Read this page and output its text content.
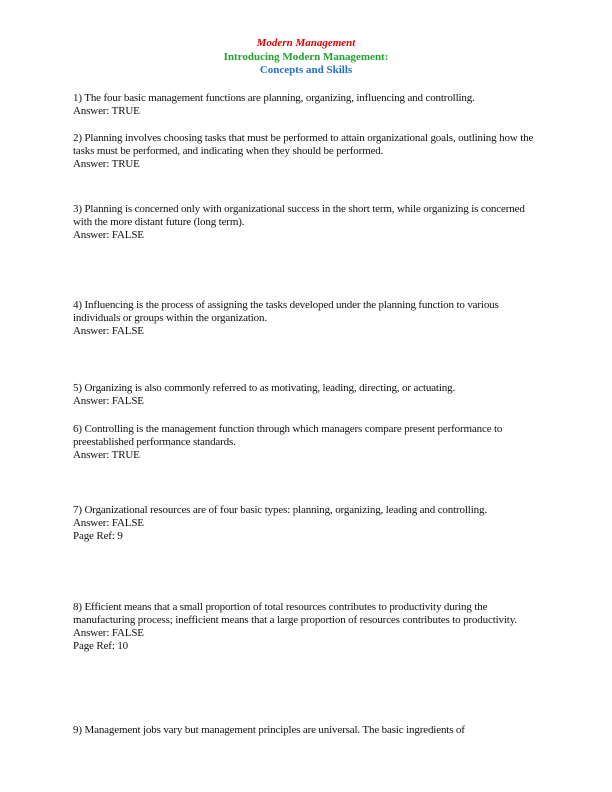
Modern Management
Introducing Modern Management:
Concepts and Skills

1) The four basic management functions are planning, organizing, influencing and controlling.

Answer: TRUE

2) Planning involves choosing tasks that must be performed to attain organizational goals, outlining how the tasks must be performed, and indicating when they should be performed.

Answer: TRUE

3) Planning is concerned only with organizational success in the short term, while organizing is concerned with the more distant future (long term).

Answer: FALSE

4) Influencing is the process of assigning the tasks developed under the planning function to various individuals or groups within the organization.

Answer: FALSE

5) Organizing is also commonly referred to as motivating, leading, directing, or actuating.

Answer: FALSE

6) Controlling is the management function through which managers compare present performance to preestablished performance standards.

Answer: TRUE

7) Organizational resources are of four basic types: planning, organizing, leading and controlling.

Answer: FALSE

Page Ref: 9

8) Efficient means that a small proportion of total resources contributes to productivity during the manufacturing process; inefficient means that a large proportion of resources contributes to productivity.

Answer: FALSE

Page Ref: 10

9) Management jobs vary but management principles are universal. The basic ingredients of
